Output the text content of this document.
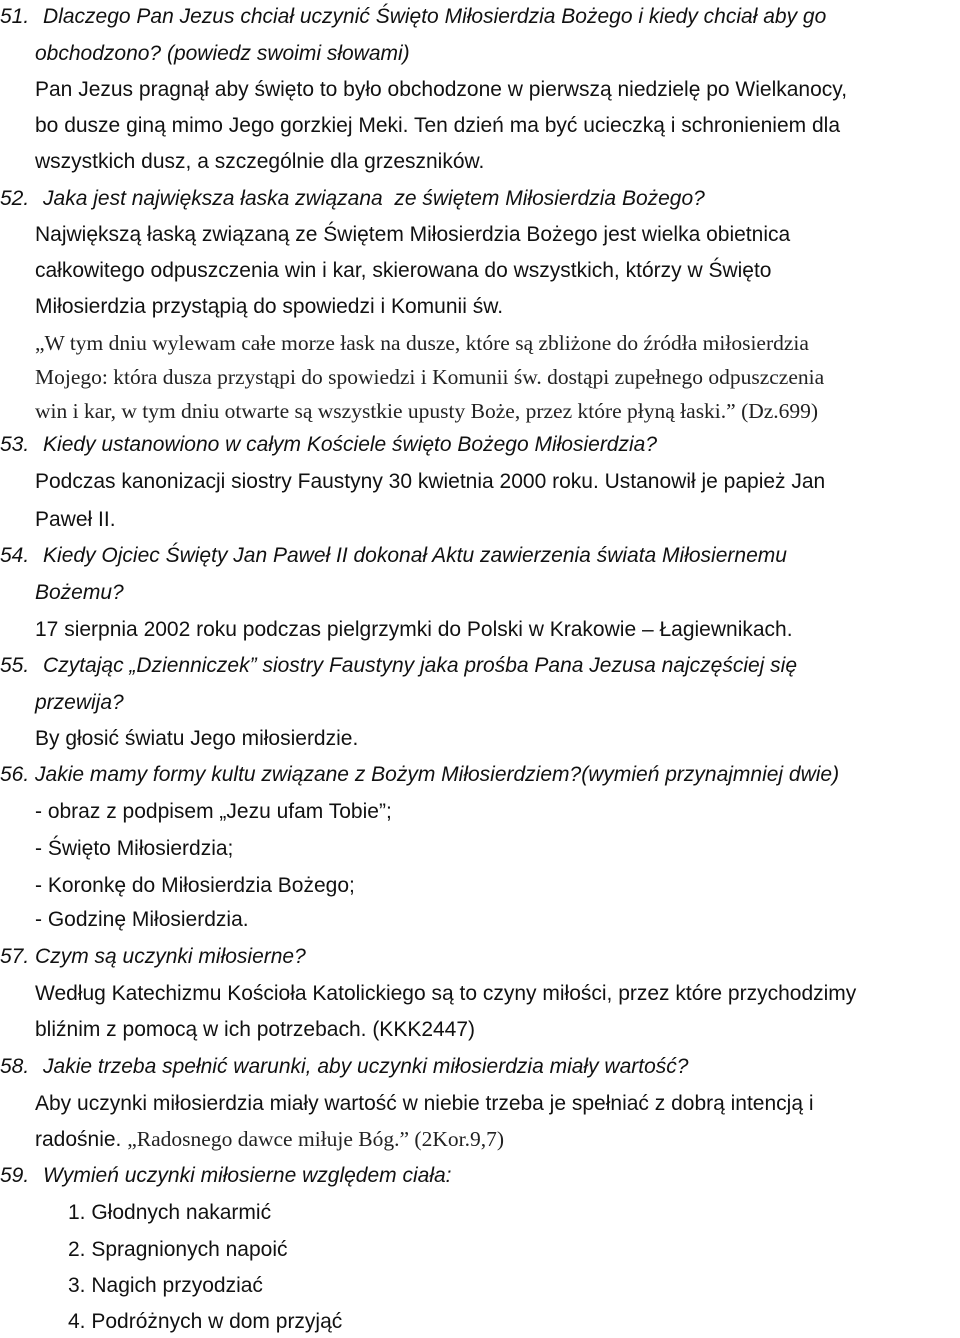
51. Dlaczego Pan Jezus chciał uczynić Święto Miłosierdzia Bożego i kiedy chciał aby go
obchodzono? (powiedz swoimi słowami)
Pan Jezus pragnął aby święto to było obchodzone w pierwszą niedzielę po Wielkanocy,
bo dusze giną mimo Jego gorzkiej Meki. Ten dzień ma być ucieczką i schronieniem dla
wszystkich dusz, a szczególnie dla grzeszników.
52. Jaka jest największa łaska związana  ze świętem Miłosierdzia Bożego?
Największą łaską związaną ze Świętem Miłosierdzia Bożego jest wielka obietnica
całkowitego odpuszczenia win i kar, skierowana do wszystkich, którzy w Święto
Miłosierdzia przystąpią do spowiedzi i Komunii św.
„W tym dniu wylewam całe morze łask na dusze, które są zbliżone do źródła miłosierdzia
Mojego: która dusza przystąpi do spowiedzi i Komunii św. dostąpi zupełnego odpuszczenia
win i kar, w tym dniu otwarte są wszystkie upusty Boże, przez które płyną łaski.” (Dz.699)
53. Kiedy ustanowiono w całym Kościele święto Bożego Miłosierdzia?
Podczas kanonizacji siostry Faustyny 30 kwietnia 2000 roku. Ustanowił je papież Jan
Paweł II.
54. Kiedy Ojciec Święty Jan Paweł II dokonał Aktu zawierzenia świata Miłosiernemu
Bożemu?
17 sierpnia 2002 roku podczas pielgrzymki do Polski w Krakowie – Łagiewnikach.
55. Czytając „Dzienniczek” siostry Faustyny jaka prośba Pana Jezusa najczęściej się
przewija?
By głosić światu Jego miłosierdzie.
56. Jakie mamy formy kultu związane z Bożym Miłosierdziem?(wymień przynajmniej dwie)
- obraz z podpisem „Jezu ufam Tobie”;
- Święto Miłosierdzia;
- Koronkę do Miłosierdzia Bożego;
- Godzinę Miłosierdzia.
57. Czym są uczynki miłosierne?
Według Katechizmu Kościoła Katolickiego są to czyny miłości, przez które przychodzimy
bliźnim z pomocą w ich potrzebach. (KKK2447)
58. Jakie trzeba spełnić warunki, aby uczynki miłosierdzia miały wartość?
Aby uczynki miłosierdzia miały wartość w niebie trzeba je spełniać z dobrą intencją i
radośnie. „Radosnego dawce miłuje Bóg.” (2Kor.9,7)
59. Wymień uczynki miłosierne względem ciała:
1. Głodnych nakarmić
2. Spragnionych napoić
3. Nagich przyodziać
4. Podróżnych w dom przyjąć
